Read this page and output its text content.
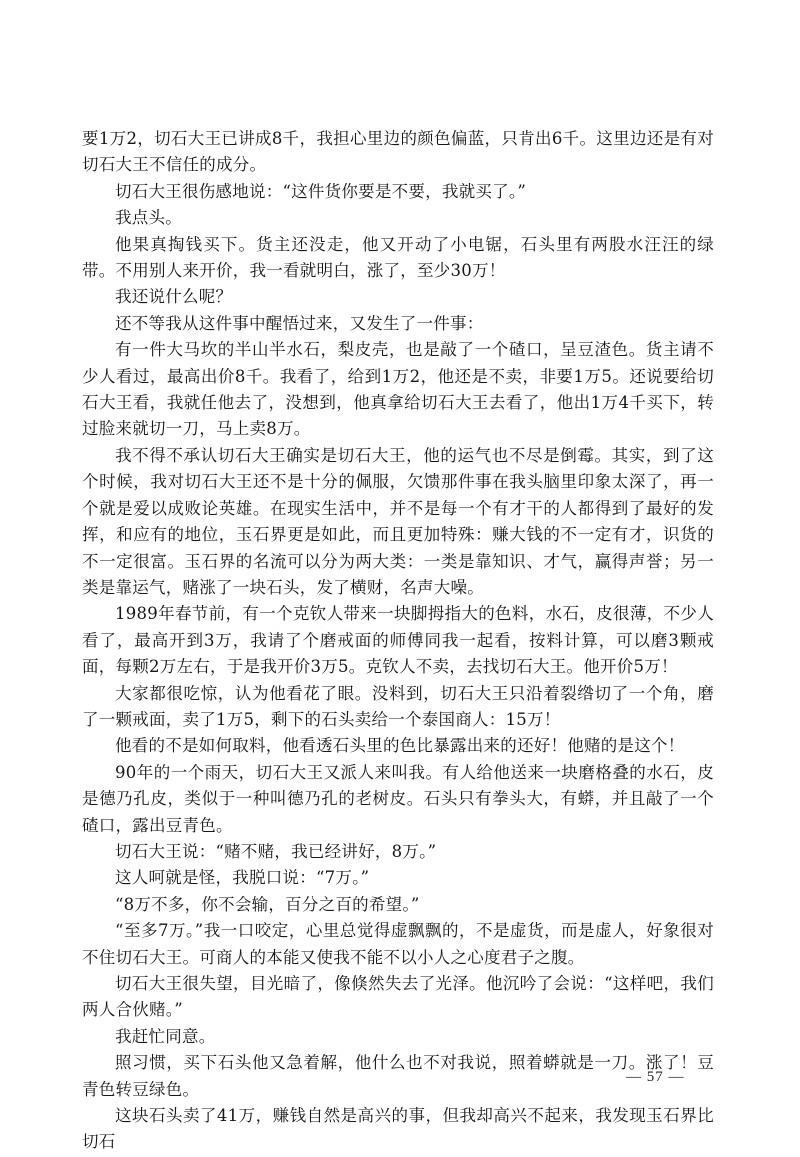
要1万2，切石大王已讲成8千，我担心里边的颜色偏蓝，只肯出6千。这里边还是有对切石大王不信任的成分。

切石大王很伤感地说：“这件货你要是不要，我就买了。”

我点头。

他果真掏钱买下。货主还没走，他又开动了小电锯，石头里有两股水汪汪的绿带。不用别人来开价，我一看就明白，涨了，至少30万！

我还说什么呢？

还不等我从这件事中醒悟过来，又发生了一件事：

有一件大马坎的半山半水石，梨皮壳，也是敲了一个碴口，呈豆渣色。货主请不少人看过，最高出价8千。我看了，给到1万2，他还是不卖，非要1万5。还说要给切石大王看，我就任他去了，没想到，他真拿给切石大王去看了，他出1万4千买下，转过脸来就切一刀，马上卖8万。

我不得不承认切石大王确实是切石大王，他的运气也不尽是倒霉。其实，到了这个时候，我对切石大王还不是十分的佩服，欠馈那件事在我头脑里印象太深了，再一个就是爱以成败论英雄。在现实生活中，并不是每一个有才干的人都得到了最好的发挥，和应有的地位，玉石界更是如此，而且更加特殊：赚大钱的不一定有才，识货的不一定很富。玉石界的名流可以分为两大类：一类是靠知识、才气，赢得声誉；另一类是靠运气，赌涨了一块石头，发了横财，名声大噪。

1989年春节前，有一个克钦人带来一块脚拇指大的色料，水石，皮很薄，不少人看了，最高开到3万，我请了个磨戒面的师傅同我一起看，按料计算，可以磨3颗戒面，每颗2万左右，于是我开价3万5。克钦人不卖，去找切石大王。他开价5万！

大家都很吃惊，认为他看花了眼。没料到，切石大王只沿着裂绺切了一个角，磨了一颗戒面，卖了1万5，剩下的石头卖给一个泰国商人：15万！

他看的不是如何取料，他看透石头里的色比暴露出来的还好！他赌的是这个！

90年的一个雨天，切石大王又派人来叫我。有人给他送来一块磨格叠的水石，皮是德乃孔皮，类似于一种叫德乃孔的老树皮。石头只有拳头大，有蟒，并且敲了一个碴口，露出豆青色。

切石大王说：“赌不赌，我已经讲好，8万。”

这人呵就是怪，我脱口说：“7万。”

“8万不多，你不会输，百分之百的希望。”

“至多7万。”我一口咬定，心里总觉得虚飘飘的，不是虚货，而是虚人，好象很对不住切石大王。可商人的本能又使我不能不以小人之心度君子之腹。

切石大王很失望，目光暗了，像倏然失去了光泽。他沉吟了会说：“这样吧，我们两人合伙赌。”

我赶忙同意。

照习惯，买下石头他又急着解，他什么也不对我说，照着蟒就是一刀。涨了！豆青色转豆绿色。

这块石头卖了41万，赚钱自然是高兴的事，但我却高兴不起来，我发现玉石界比切石

— 57 —
